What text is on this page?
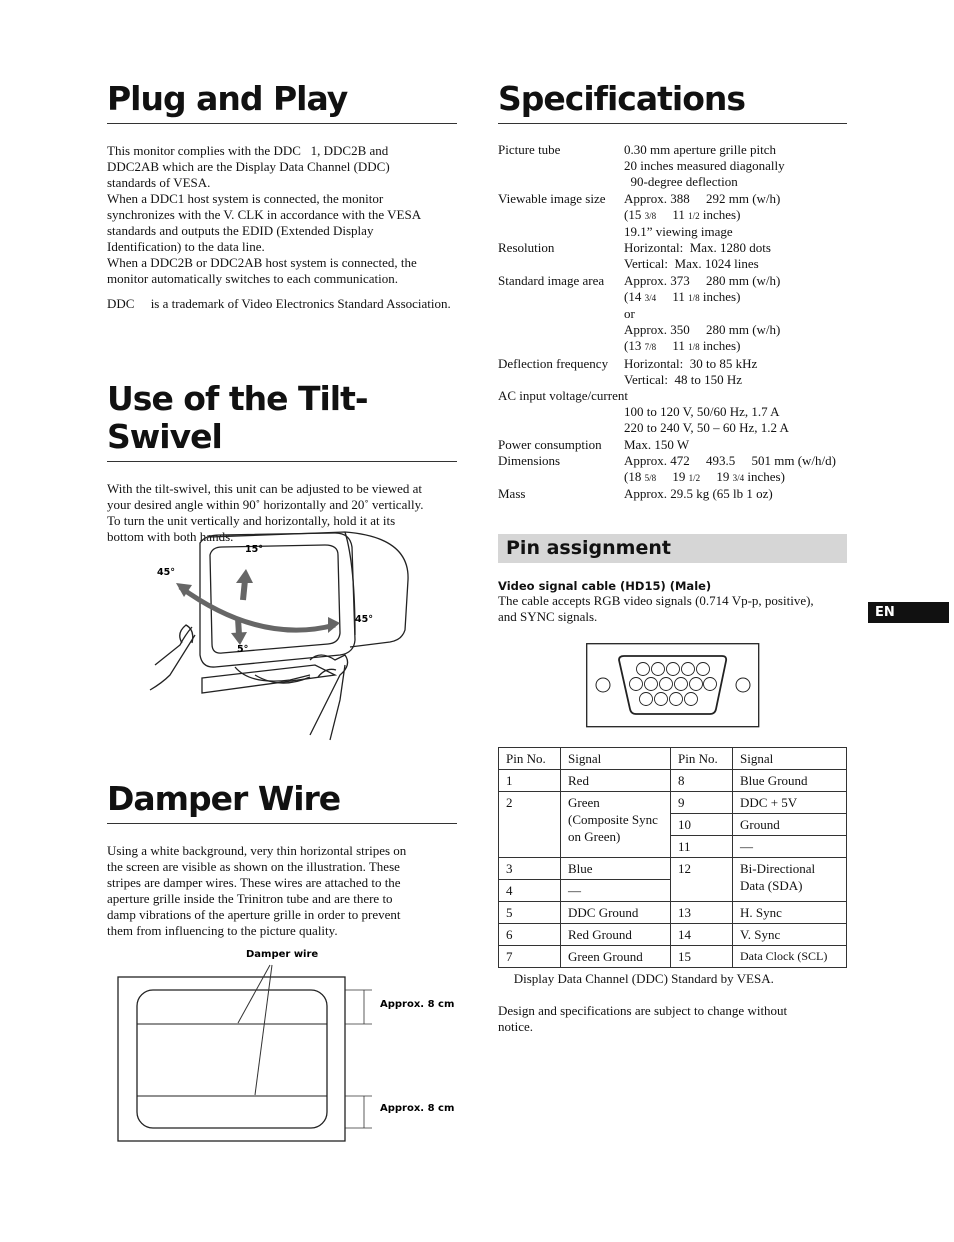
Plug and Play

This monitor complies with the DDC  1, DDC2B and
DDC2AB which are the Display Data Channel (DDC)
standards of VESA.
When a DDC1 host system is connected, the monitor
synchronizes with the V. CLK in accordance with the VESA
standards and outputs the EDID (Extended Display
Identification) to the data line.
When a DDC2B or DDC2AB host system is connected, the
monitor automatically switches to each communication.

DDC   is a trademark of Video Electronics Standard Association.

Use of the Tilt-Swivel

With the tilt-swivel, this unit can be adjusted to be viewed at
your desired angle within 90˚ horizontally and 20˚ vertically.
To turn the unit vertically and horizontally, hold it at its
bottom with both hands.

15°
45°
45°
5°
Damper Wire

Using a white background, very thin horizontal stripes on
the screen are visible as shown on the illustration. These
stripes are damper wires. These wires are attached to the
aperture grille inside the Trinitron tube and are there to
damp vibrations of the aperture grille in order to prevent
them from influencing to the picture quality.

Damper wire
Approx. 8 cm
Approx. 8 cm
Specifications
Picture tube	0.30 mm aperture grille pitch
20 inches measured diagonally
 90-degree deflection
Viewable image size	Approx. 388   292 mm (w/h)
(15 3/8   11 1/2 inches)
19.1” viewing image
Resolution	Horizontal: Max. 1280 dots
Vertical: Max. 1024 lines
Standard image area	Approx. 373   280 mm (w/h)
(14 3/4   11 1/8 inches)
or
Approx. 350   280 mm (w/h)
(13 7/8   11 1/8 inches)
Deflection frequency	Horizontal: 30 to 85 kHz
Vertical: 48 to 150 Hz
AC input voltage/current
100 to 120 V, 50/60 Hz, 1.7 A
220 to 240 V, 50 – 60 Hz, 1.2 A
Power consumption	Max. 150 W
Dimensions	Approx. 472   493.5   501 mm (w/h/d)
(18 5/8   19 1/2   19 3/4 inches)
Mass	Approx. 29.5 kg (65 lb 1 oz)
Pin assignment
Video signal cable (HD15) (Male)

The cable accepts RGB video signals (0.714 Vp-p, positive),
and SYNC signals.	EN
Pin No.	Signal	Pin No.	Signal
1	Red	8	Blue Ground
2	Green (Composite Sync on Green)	9	DDC + 5V
		10	Ground
		11	—
3	Blue	12	Bi-Directional Data (SDA)
4	—		
5	DDC Ground	13	H. Sync
6	Red Ground	14	V. Sync
7	Green Ground	15	Data Clock (SCL)

  Display Data Channel (DDC) Standard by VESA.

Design and specifications are subject to change without
notice.
